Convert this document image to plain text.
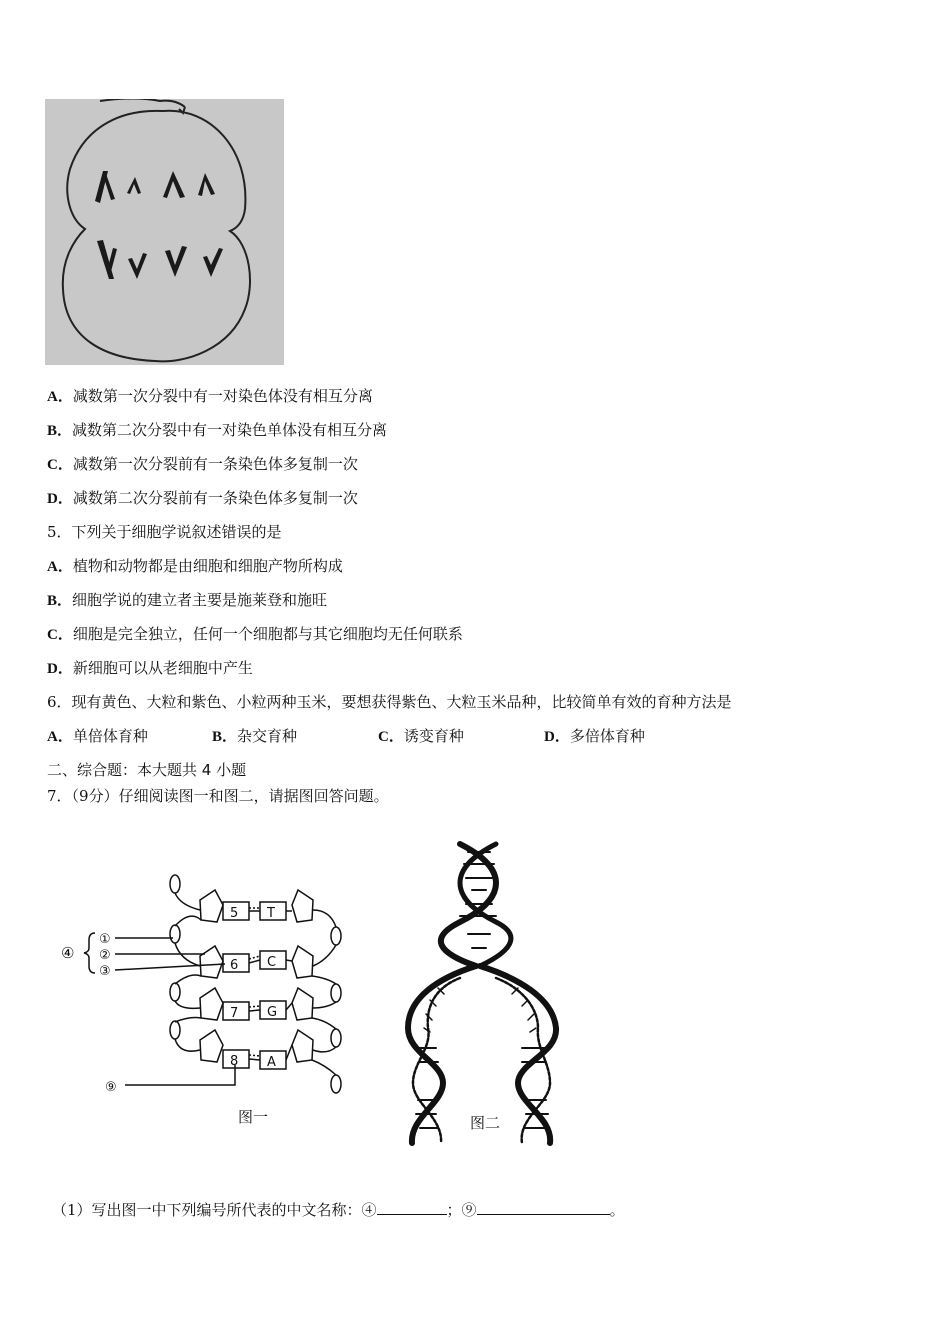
A．减数第一次分裂中有一对染色体没有相互分离
B．减数第二次分裂中有一对染色单体没有相互分离
C．减数第一次分裂前有一条染色体多复制一次
D．减数第二次分裂前有一条染色体多复制一次
5．下列关于细胞学说叙述错误的是
A．植物和动物都是由细胞和细胞产物所构成
B．细胞学说的建立者主要是施莱登和施旺
C．细胞是完全独立，任何一个细胞都与其它细胞均无任何联系
D．新细胞可以从老细胞中产生
6．现有黄色、大粒和紫色、小粒两种玉米，要想获得紫色、大粒玉米品种，比较简单有效的育种方法是
A．单倍体育种	B．杂交育种	C．诱变育种	D．多倍体育种
二、综合题：本大题共 4 小题
7．（9分）仔细阅读图一和图二，请据图回答问题。
5 T
6 C
7 G
8 A
④
①
②
③
⑨
图一	图二
（1）写出图一中下列编号所代表的中文名称：④	；⑨	。
